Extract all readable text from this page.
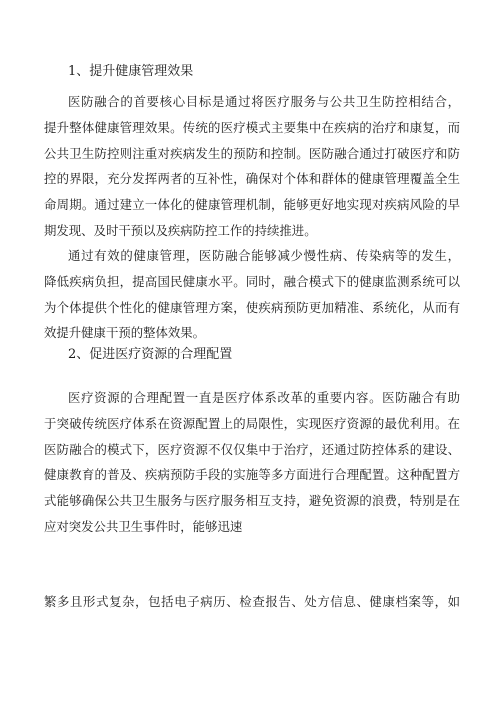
1、提升健康管理效果
医防融合的首要核心目标是通过将医疗服务与公共卫生防控相结合，
提升整体健康管理效果。传统的医疗模式主要集中在疾病的治疗和康复，而
公共卫生防控则注重对疾病发生的预防和控制。医防融合通过打破医疗和防
控的界限，充分发挥两者的互补性，确保对个体和群体的健康管理覆盖全生
命周期。通过建立一体化的健康管理机制，能够更好地实现对疾病风险的早
期发现、及时干预以及疾病防控工作的持续推进。
通过有效的健康管理，医防融合能够减少慢性病、传染病等的发生，
降低疾病负担，提高国民健康水平。同时，融合模式下的健康监测系统可以
为个体提供个性化的健康管理方案，使疾病预防更加精准、系统化，从而有
效提升健康干预的整体效果。
2、促进医疗资源的合理配置
医疗资源的合理配置一直是医疗体系改革的重要内容。医防融合有助
于突破传统医疗体系在资源配置上的局限性，实现医疗资源的最优利用。在
医防融合的模式下，医疗资源不仅仅集中于治疗，还通过防控体系的建设、
健康教育的普及、疾病预防手段的实施等多方面进行合理配置。这种配置方
式能够确保公共卫生服务与医疗服务相互支持，避免资源的浪费，特别是在
应对突发公共卫生事件时，能够迅速
繁多且形式复杂，包括电子病历、检查报告、处方信息、健康档案等，如
